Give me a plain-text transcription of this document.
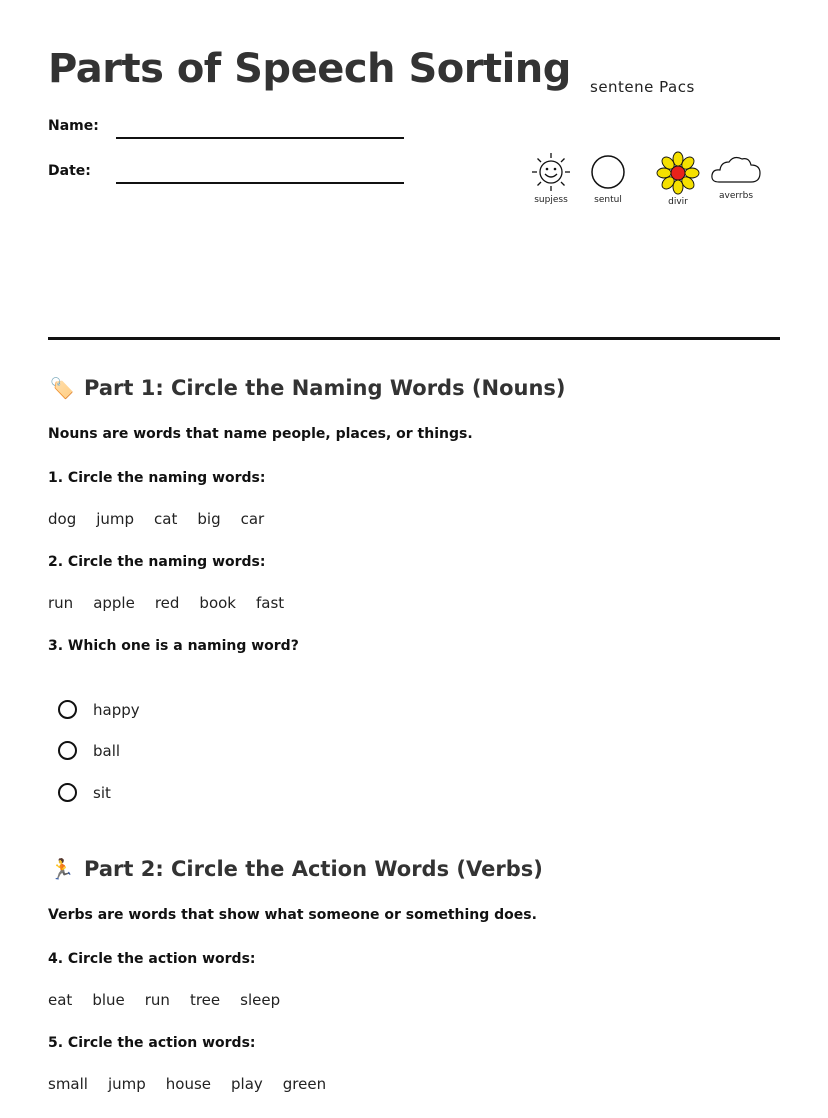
Parts of Speech Sorting sentene Pacs
Name:
Date:
supjess	sentul	divir
averrbs
🏷️ Part 1: Circle the Naming Words (Nouns)

Nouns are words that name people, places, or things.

1. Circle the naming words:

dog jump cat big car

2. Circle the naming words:

run apple red book fast

3. Which one is a naming word?

happy
ball
sit
🏃 Part 2: Circle the Action Words (Verbs)

Verbs are words that show what someone or something does.

4. Circle the action words:

eat blue run tree sleep

5. Circle the action words:

small jump house play green
